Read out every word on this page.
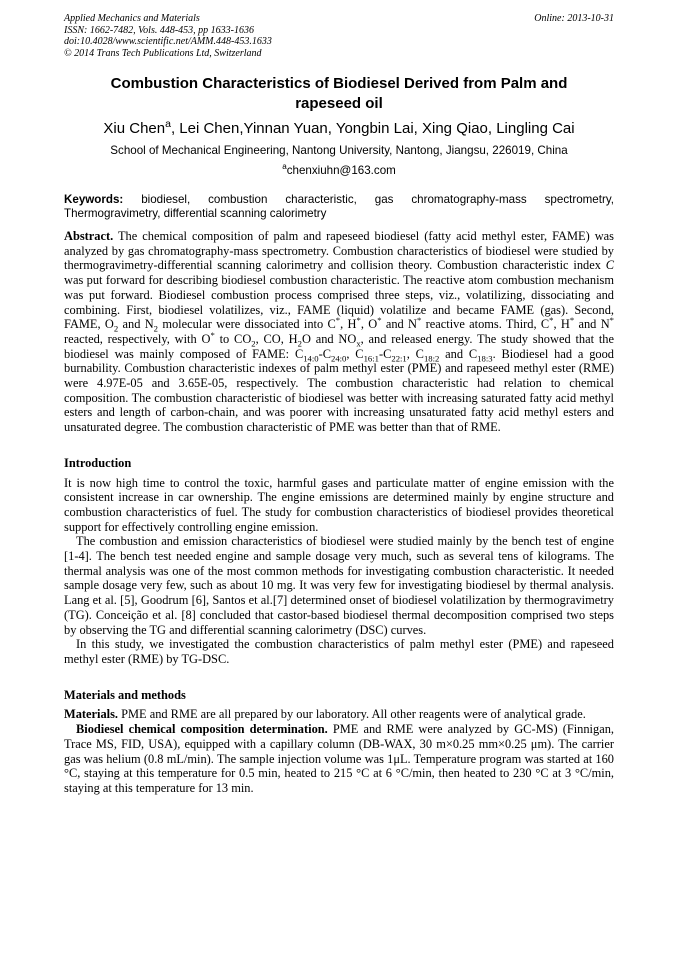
Applied Mechanics and Materials	Online: 2013-10-31
ISSN: 1662-7482, Vols. 448-453, pp 1633-1636
doi:10.4028/www.scientific.net/AMM.448-453.1633
© 2014 Trans Tech Publications Ltd, Switzerland
Combustion Characteristics of Biodiesel Derived from Palm and rapeseed oil
Xiu Chen$^a$, Lei Chen,Yinnan Yuan, Yongbin Lai, Xing Qiao, Lingling Cai
School of Mechanical Engineering, Nantong University, Nantong, Jiangsu, 226019, China
$^a$chenxiuhn@163.com
Keywords: biodiesel, combustion characteristic, gas chromatography-mass spectrometry, Thermogravimetry, differential scanning calorimetry

Abstract. The chemical composition of palm and rapeseed biodiesel (fatty acid methyl ester, FAME) was analyzed by gas chromatography-mass spectrometry. Combustion characteristics of biodiesel were studied by thermogravimetry-differential scanning calorimetry and collision theory. Combustion characteristic index C was put forward for describing biodiesel combustion characteristic. The reactive atom combustion mechanism was put forward. Biodiesel combustion process comprised three steps, viz., volatilizing, dissociating and combining. First, biodiesel volatilizes, viz., FAME (liquid) volatilize and became FAME (gas). Second, FAME, $O_2$ and $N_2$ molecular were dissociated into C*, H*, O* and N* reactive atoms. Third, C*, H* and N* reacted, respectively, with O* to $CO_2$, CO, $H_2O$ and $NO_x$, and released energy. The study showed that the biodiesel was mainly composed of FAME: $C_{14:0}-C_{24:0}$, $C_{16:1}-C_{22:1}$, $C_{18:2}$ and $C_{18:3}$. Biodiesel had a good burnability. Combustion characteristic indexes of palm methyl ester (PME) and rapeseed methyl ester (RME) were 4.97E-05 and 3.65E-05, respectively. The combustion characteristic had relation to chemical composition. The combustion characteristic of biodiesel was better with increasing saturated fatty acid methyl esters and length of carbon-chain, and was poorer with increasing unsaturated fatty acid methyl esters and unsaturated degree. The combustion characteristic of PME was better than that of RME.

Introduction

It is now high time to control the toxic, harmful gases and particulate matter of engine emission with the consistent increase in car ownership. The engine emissions are determined mainly by engine structure and combustion characteristics of fuel. The study for combustion characteristics of biodiesel provides theoretical support for effectively controlling engine emission.

The combustion and emission characteristics of biodiesel were studied mainly by the bench test of engine [1-4]. The bench test needed engine and sample dosage very much, such as several tens of kilograms. The thermal analysis was one of the most common methods for investigating combustion characteristic. It needed sample dosage very few, such as about 10 mg. It was very few for investigating biodiesel by thermal analysis. Lang et al. [5], Goodrum [6], Santos et al.[7] determined onset of biodiesel volatilization by thermogravimetry (TG). Conceição et al. [8] concluded that castor-based biodiesel thermal decomposition comprised two steps by observing the TG and differential scanning calorimetry (DSC) curves.

In this study, we investigated the combustion characteristics of palm methyl ester (PME) and rapeseed methyl ester (RME) by TG-DSC.

Materials and methods

Materials. PME and RME are all prepared by our laboratory. All other reagents were of analytical grade.

Biodiesel chemical composition determination. PME and RME were analyzed by GC-MS) (Finnigan, Trace MS, FID, USA), equipped with a capillary column (DB-WAX, 30 m×0.25 mm×0.25 μm). The carrier gas was helium (0.8 mL/min). The sample injection volume was 1μL. Temperature program was started at 160 °C, staying at this temperature for 0.5 min, heated to 215 °C at 6 °C/min, then heated to 230 °C at 3 °C/min, staying at this temperature for 13 min.
